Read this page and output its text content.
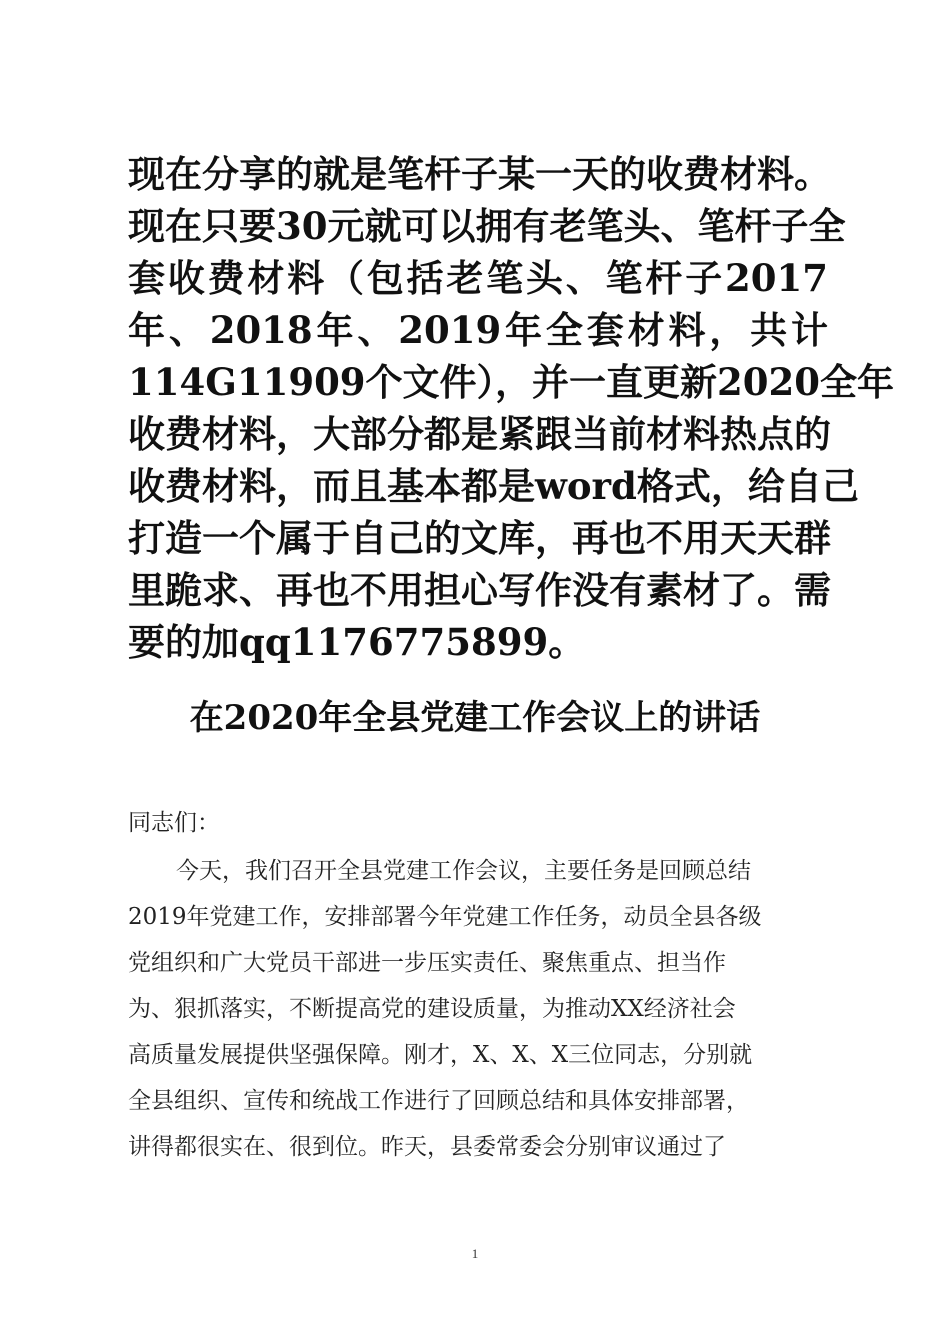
现在分享的就是笔杆子某一天的收费材料。
现在只要30元就可以拥有老笔头、笔杆子全
套收费材料（包括老笔头、笔杆子2017
年、2018年、2019年全套材料，共计
114G11909个文件），并一直更新2020全年
收费材料，大部分都是紧跟当前材料热点的
收费材料，而且基本都是word格式，给自己
打造一个属于自己的文库，再也不用天天群
里跪求、再也不用担心写作没有素材了。需
要的加qq1176775899。
在2020年全县党建工作会议上的讲话
同志们：
今天，我们召开全县党建工作会议，主要任务是回顾总结
2019年党建工作，安排部署今年党建工作任务，动员全县各级
党组织和广大党员干部进一步压实责任、聚焦重点、担当作
为、狠抓落实，不断提高党的建设质量，为推动XX经济社会
高质量发展提供坚强保障。刚才，X、X、X三位同志，分别就
全县组织、宣传和统战工作进行了回顾总结和具体安排部署，
讲得都很实在、很到位。昨天，县委常委会分别审议通过了
1
